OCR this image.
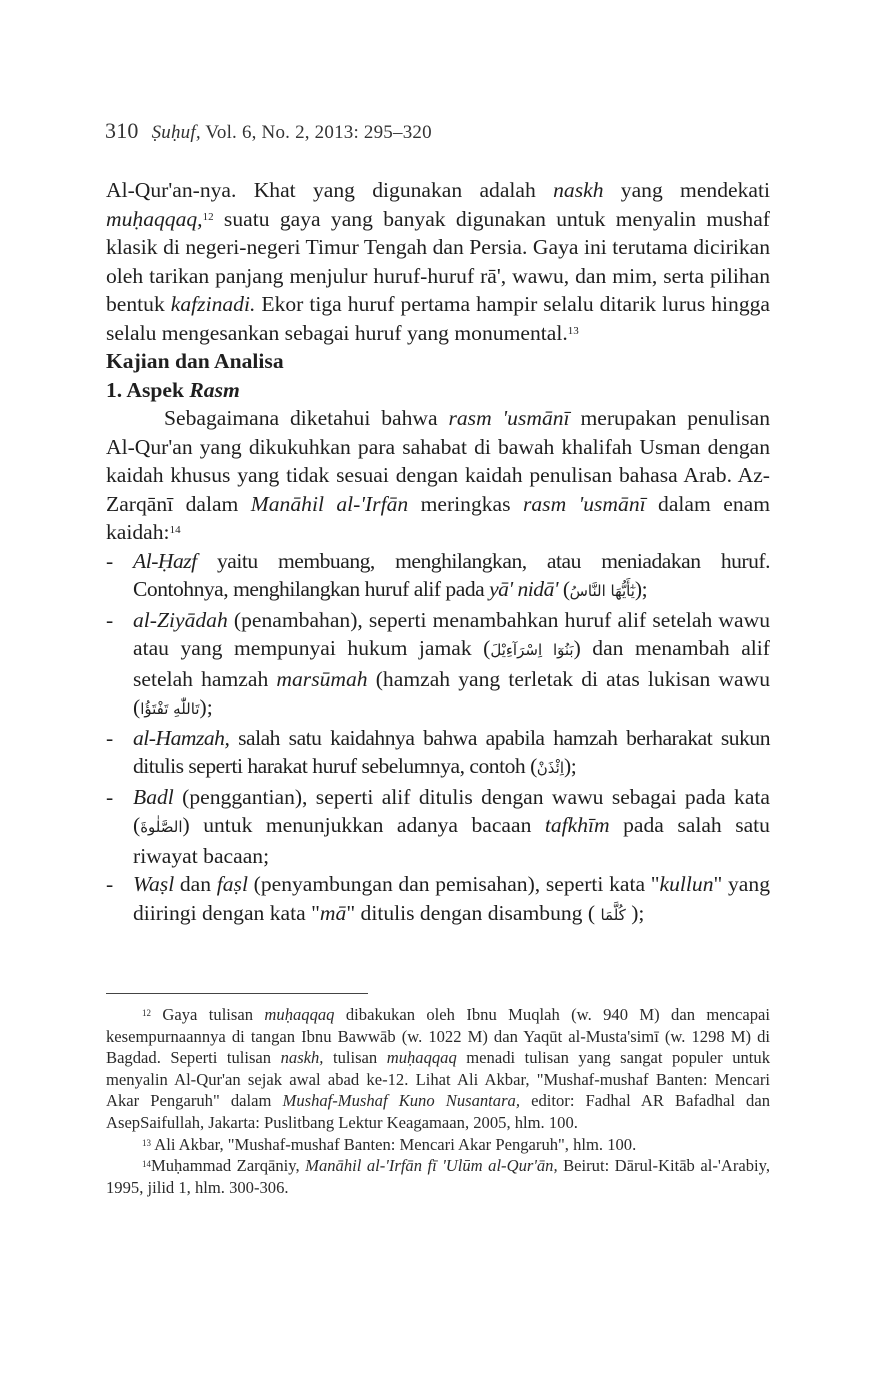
310 Ṣuḥuf, Vol. 6, No. 2, 2013: 295–320

Al-Qur'an-nya. Khat yang digunakan adalah naskh yang mendekati muḥaqqaq,$^{12}$ suatu gaya yang banyak digunakan untuk menyalin mushaf klasik di negeri-negeri Timur Tengah dan Persia. Gaya ini terutama dicirikan oleh tarikan panjang menjulur huruf-huruf rā', wawu, dan mim, serta pilihan bentuk kafzinadi. Ekor tiga huruf pertama hampir selalu ditarik lurus hingga selalu mengesankan sebagai huruf yang monumental.$^{13}$

Kajian dan Analisa

1. Aspek Rasm

Sebagaimana diketahui bahwa rasm 'usmānī merupakan penulisan Al-Qur'an yang dikukuhkan para sahabat di bawah khalifah Usman dengan kaidah khusus yang tidak sesuai dengan kaidah penulisan bahasa Arab. Az-Zarqānī dalam Manāhil al-'Irfān meringkas rasm 'usmānī dalam enam kaidah:$^{14}$

- Al-Ḥazf yaitu membuang, menghilangkan, atau meniadakan huruf. Contohnya, menghilangkan huruf alif pada yā' nidā' (يٰٓأَيُّهَا النَّاسُ);
- al-Ziyādah (penambahan), seperti menambahkan huruf alif setelah wawu atau yang mempunyai hukum jamak (بَنُوٓا اِسْرَآءِيْلَ) dan menambah alif setelah hamzah marsūmah (hamzah yang terletak di atas lukisan wawu (تَاللّٰهِ تَفْتَؤُا);
- al-Hamzah, salah satu kaidahnya bahwa apabila hamzah berharakat sukun ditulis seperti harakat huruf sebelumnya, contoh (اِئْذَنْ);
- Badl (penggantian), seperti alif ditulis dengan wawu sebagai pada kata (الصَّلٰوةَ) untuk menunjukkan adanya bacaan tafkhīm pada salah satu riwayat bacaan;
- Waṣl dan faṣl (penyambungan dan pemisahan), seperti kata "kullun" yang diiringi dengan kata "mā" ditulis dengan disambung ( كُلَّمَا );

$^{12}$ Gaya tulisan muḥaqqaq dibakukan oleh Ibnu Muqlah (w. 940 M) dan mencapai kesempurnaannya di tangan Ibnu Bawwāb (w. 1022 M) dan Yaqūt al-Musta'simī (w. 1298 M) di Bagdad. Seperti tulisan naskh, tulisan muḥaqqaq menadi tulisan yang sangat populer untuk menyalin Al-Qur'an sejak awal abad ke-12. Lihat Ali Akbar, "Mushaf-mushaf Banten: Mencari Akar Pengaruh" dalam Mushaf-Mushaf Kuno Nusantara, editor: Fadhal AR Bafadhal dan AsepSaifullah, Jakarta: Puslitbang Lektur Keagamaan, 2005, hlm. 100.

$^{13}$ Ali Akbar, "Mushaf-mushaf Banten: Mencari Akar Pengaruh", hlm. 100.

$^{14}$Muḥammad Zarqāniy, Manāhil al-'Irfān fī 'Ulūm al-Qur'ān, Beirut: Dārul-Kitāb al-'Arabiy, 1995, jilid 1, hlm. 300-306.
